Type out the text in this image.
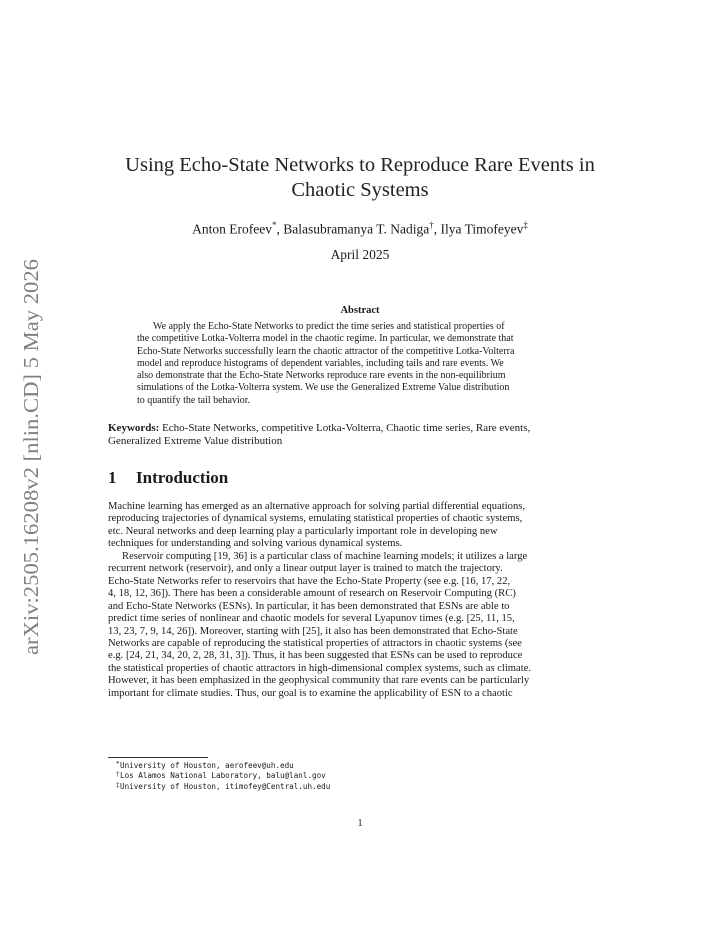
arXiv:2505.16208v2 [nlin.CD] 5 May 2026
Using Echo-State Networks to Reproduce Rare Events in
Chaotic Systems
Anton Erofeev*, Balasubramanya T. Nadiga†, Ilya Timofeyev‡
April 2025
Abstract
We apply the Echo-State Networks to predict the time series and statistical properties of
the competitive Lotka-Volterra model in the chaotic regime. In particular, we demonstrate that
Echo-State Networks successfully learn the chaotic attractor of the competitive Lotka-Volterra
model and reproduce histograms of dependent variables, including tails and rare events. We
also demonstrate that the Echo-State Networks reproduce rare events in the non-equilibrium
simulations of the Lotka-Volterra system. We use the Generalized Extreme Value distribution
to quantify the tail behavior.
Keywords: Echo-State Networks, competitive Lotka-Volterra, Chaotic time series, Rare events,
Generalized Extreme Value distribution
1 Introduction
Machine learning has emerged as an alternative approach for solving partial differential equations,
reproducing trajectories of dynamical systems, emulating statistical properties of chaotic systems,
etc. Neural networks and deep learning play a particularly important role in developing new
techniques for understanding and solving various dynamical systems.
Reservoir computing [19, 36] is a particular class of machine learning models; it utilizes a large
recurrent network (reservoir), and only a linear output layer is trained to match the trajectory.
Echo-State Networks refer to reservoirs that have the Echo-State Property (see e.g. [16, 17, 22,
4, 18, 12, 36]). There has been a considerable amount of research on Reservoir Computing (RC)
and Echo-State Networks (ESNs). In particular, it has been demonstrated that ESNs are able to
predict time series of nonlinear and chaotic models for several Lyapunov times (e.g. [25, 11, 15,
13, 23, 7, 9, 14, 26]). Moreover, starting with [25], it also has been demonstrated that Echo-State
Networks are capable of reproducing the statistical properties of attractors in chaotic systems (see
e.g. [24, 21, 34, 20, 2, 28, 31, 3]). Thus, it has been suggested that ESNs can be used to reproduce
the statistical properties of chaotic attractors in high-dimensional complex systems, such as climate.
However, it has been emphasized in the geophysical community that rare events can be particularly
important for climate studies. Thus, our goal is to examine the applicability of ESN to a chaotic
* University of Houston, aerofeev@uh.edu
† Los Alamos National Laboratory, balu@lanl.gov
‡ University of Houston, itimofey@Central.uh.edu
1
